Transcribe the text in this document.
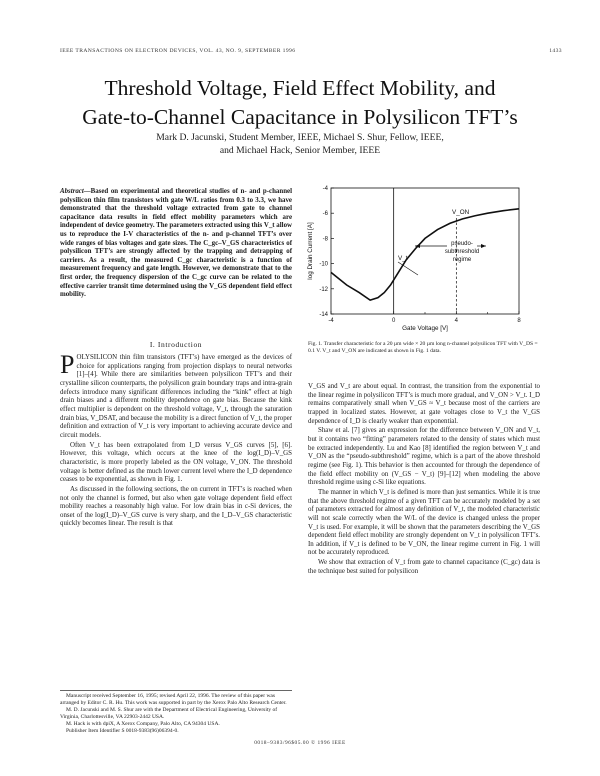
IEEE TRANSACTIONS ON ELECTRON DEVICES, VOL. 43, NO. 9, SEPTEMBER 1996	1433
Threshold Voltage, Field Effect Mobility, and
Gate-to-Channel Capacitance in Polysilicon TFT’s
Mark D. Jacunski, Student Member, IEEE, Michael S. Shur, Fellow, IEEE,
and Michael Hack, Senior Member, IEEE
Abstract—Based on experimental and theoretical studies of n- and p-channel polysilicon thin film transistors with gate W/L ratios from 0.3 to 3.3, we have demonstrated that the threshold voltage extracted from gate to channel capacitance data results in field effect mobility parameters which are independent of device geometry. The parameters extracted using this V_t allow us to reproduce the I-V characteristics of the n- and p-channel TFT’s over wide ranges of bias voltages and gate sizes. The C_gc–V_GS characteristics of polysilicon TFT’s are strongly affected by the trapping and detrapping of carriers. As a result, the measured C_gc characteristic is a function of measurement frequency and gate length. However, we demonstrate that to the first order, the frequency dispersion of the C_gc curve can be related to the effective carrier transit time determined using the V_GS dependent field effect mobility.
I. Introduction

POLYSILICON thin film transistors (TFT’s) have emerged as the devices of choice for applications ranging from projection displays to neural networks [1]–[4]. While there are similarities between polysilicon TFT’s and their crystalline silicon counterparts, the polysilicon grain boundary traps and intra-grain defects introduce many significant differences including the “kink” effect at high drain biases and a different mobility dependence on gate bias. Because the kink effect multiplier is dependent on the threshold voltage, V_t, through the saturation drain bias, V_DSAT, and because the mobility is a direct function of V_t, the proper definition and extraction of V_t is very important to achieving accurate device and circuit models.

Often V_t has been extrapolated from I_D versus V_GS curves [5], [6]. However, this voltage, which occurs at the knee of the log(I_D)–V_GS characteristic, is more properly labeled as the ON voltage, V_ON. The threshold voltage is better defined as the much lower current level where the I_D dependence ceases to be exponential, as shown in Fig. 1.

As discussed in the following sections, the on current in TFT’s is reached when not only the channel is formed, but also when gate voltage dependent field effect mobility reaches a reasonably high value. For low drain bias in c-Si devices, the onset of the log(I_D)–V_GS curve is very sharp, and the I_D–V_GS characteristic quickly becomes linear. The result is that

Manuscript received September 16, 1995; revised April 22, 1996. The review of this paper was arranged by Editor C. R. Hu. This work was supported in part by the Xerox Palo Alto Research Center.

M. D. Jacunski and M. S. Shur are with the Department of Electrical Engineering, University of Virginia, Charlottesville, VA 22903-2442 USA.

M. Hack is with dpiX, A Xerox Company, Palo Alto, CA 94304 USA.

Publisher Item Identifier S 0018-9383(96)06394-0.

-4
-6
-8
-10
-12
-14
-4	0	4	8
V_t
V_ON
pseudo-
subthreshold
regime
Gate Voltage [V]
log Drain Current [A]
Fig. 1. Transfer characteristic for a 20 µm wide × 20 µm long n-channel polysilicon TFT with V_DS = 0.1 V. V_t and V_ON are indicated as shown in Fig. 1 data.

V_GS and V_t are about equal. In contrast, the transition from the exponential to the linear regime in polysilicon TFT’s is much more gradual, and V_ON > V_t. I_D remains comparatively small when V_GS ≈ V_t because most of the carriers are trapped in localized states. However, at gate voltages close to V_t the V_GS dependence of I_D is clearly weaker than exponential.

Shaw et al. [7] gives an expression for the difference between V_ON and V_t, but it contains two “fitting” parameters related to the density of states which must be extracted independently. Lu and Kao [8] identified the region between V_t and V_ON as the “pseudo-subthreshold” regime, which is a part of the above threshold regime (see Fig. 1). This behavior is then accounted for through the dependence of the field effect mobility on (V_GS − V_t) [9]–[12] when modeling the above threshold regime using c-Si like equations.

The manner in which V_t is defined is more than just semantics. While it is true that the above threshold regime of a given TFT can be accurately modeled by a set of parameters extracted for almost any definition of V_t, the modeled characteristic will not scale correctly when the W/L of the device is changed unless the proper V_t is used. For example, it will be shown that the parameters describing the V_GS dependent field effect mobility are strongly dependent on V_t in polysilicon TFT’s. In addition, if V_t is defined to be V_ON, the linear regime current in Fig. 1 will not be accurately reproduced.

We show that extraction of V_t from gate to channel capacitance (C_gc) data is the technique best suited for polysilicon

0018–9383/96$05.00 © 1996 IEEE
